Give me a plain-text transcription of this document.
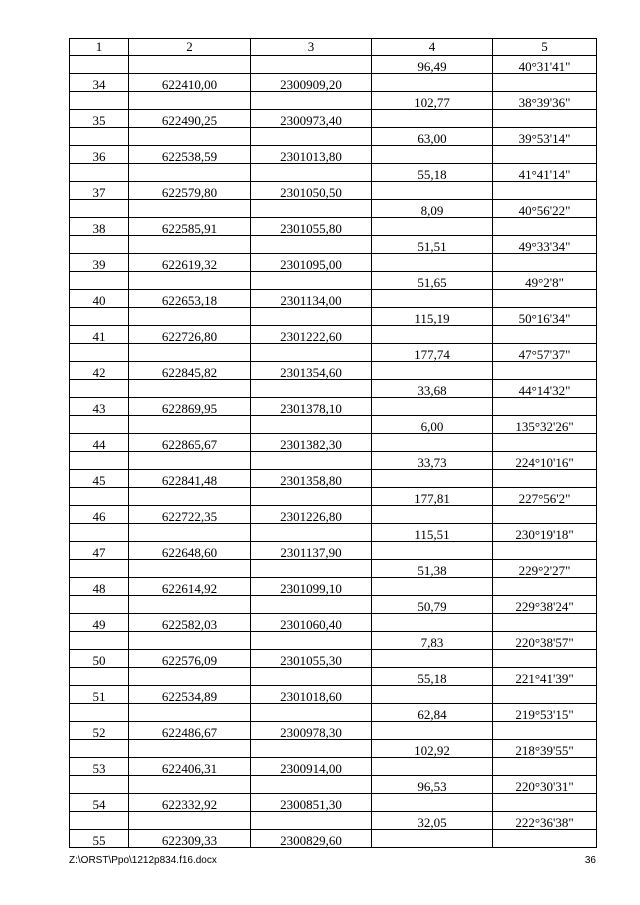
1	2	3	4	5
			96,49	40°31'41"
34	622410,00	2300909,20		
			102,77	38°39'36"
35	622490,25	2300973,40		
			63,00	39°53'14"
36	622538,59	2301013,80		
			55,18	41°41'14"
37	622579,80	2301050,50		
			8,09	40°56'22"
38	622585,91	2301055,80		
			51,51	49°33'34"
39	622619,32	2301095,00		
			51,65	49°2'8"
40	622653,18	2301134,00		
			115,19	50°16'34"
41	622726,80	2301222,60		
			177,74	47°57'37"
42	622845,82	2301354,60		
			33,68	44°14'32"
43	622869,95	2301378,10		
			6,00	135°32'26"
44	622865,67	2301382,30		
			33,73	224°10'16"
45	622841,48	2301358,80		
			177,81	227°56'2"
46	622722,35	2301226,80		
			115,51	230°19'18"
47	622648,60	2301137,90		
			51,38	229°2'27"
48	622614,92	2301099,10		
			50,79	229°38'24"
49	622582,03	2301060,40		
			7,83	220°38'57"
50	622576,09	2301055,30		
			55,18	221°41'39"
51	622534,89	2301018,60		
			62,84	219°53'15"
52	622486,67	2300978,30		
			102,92	218°39'55"
53	622406,31	2300914,00		
			96,53	220°30'31"
54	622332,92	2300851,30		
			32,05	222°36'38"
55	622309,33	2300829,60		
Z:\ORST\Ppo\1212p834.f16.docx	36
